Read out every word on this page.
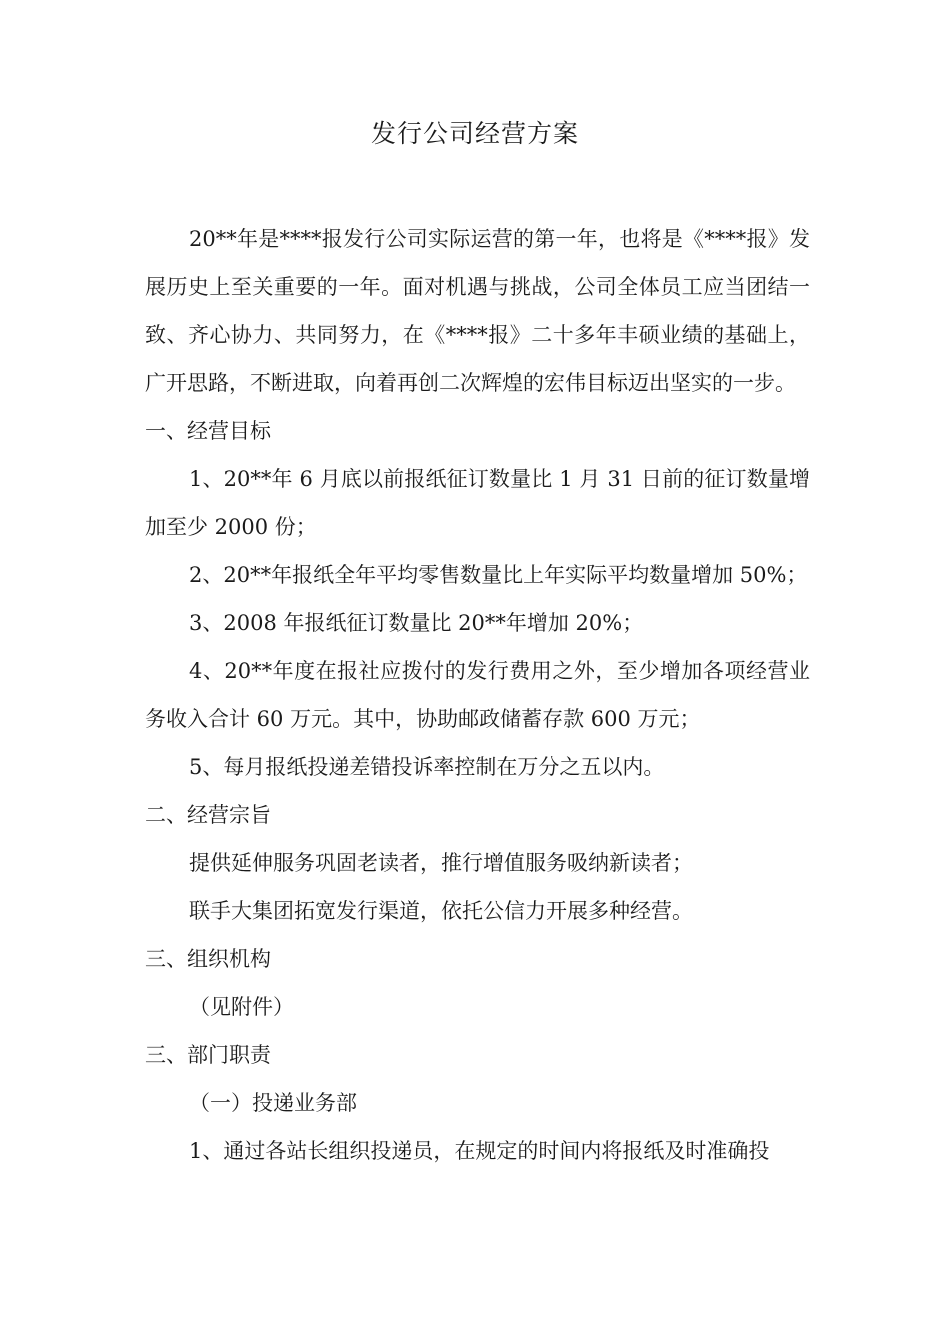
发行公司经营方案

20**年是****报发行公司实际运营的第一年，也将是《****报》发展历史上至关重要的一年。面对机遇与挑战，公司全体员工应当团结一致、齐心协力、共同努力，在《****报》二十多年丰硕业绩的基础上，广开思路，不断进取，向着再创二次辉煌的宏伟目标迈出坚实的一步。

一、经营目标

1、20**年 6 月底以前报纸征订数量比 1 月 31 日前的征订数量增加至少 2000 份；

2、20**年报纸全年平均零售数量比上年实际平均数量增加 50%；

3、2008 年报纸征订数量比 20**年增加 20%；

4、20**年度在报社应拨付的发行费用之外，至少增加各项经营业务收入合计 60 万元。其中，协助邮政储蓄存款 600 万元；

5、每月报纸投递差错投诉率控制在万分之五以内。

二、经营宗旨

提供延伸服务巩固老读者，推行增值服务吸纳新读者；

联手大集团拓宽发行渠道，依托公信力开展多种经营。

三、组织机构

（见附件）

三、部门职责

（一）投递业务部

1、通过各站长组织投递员，在规定的时间内将报纸及时准确投
